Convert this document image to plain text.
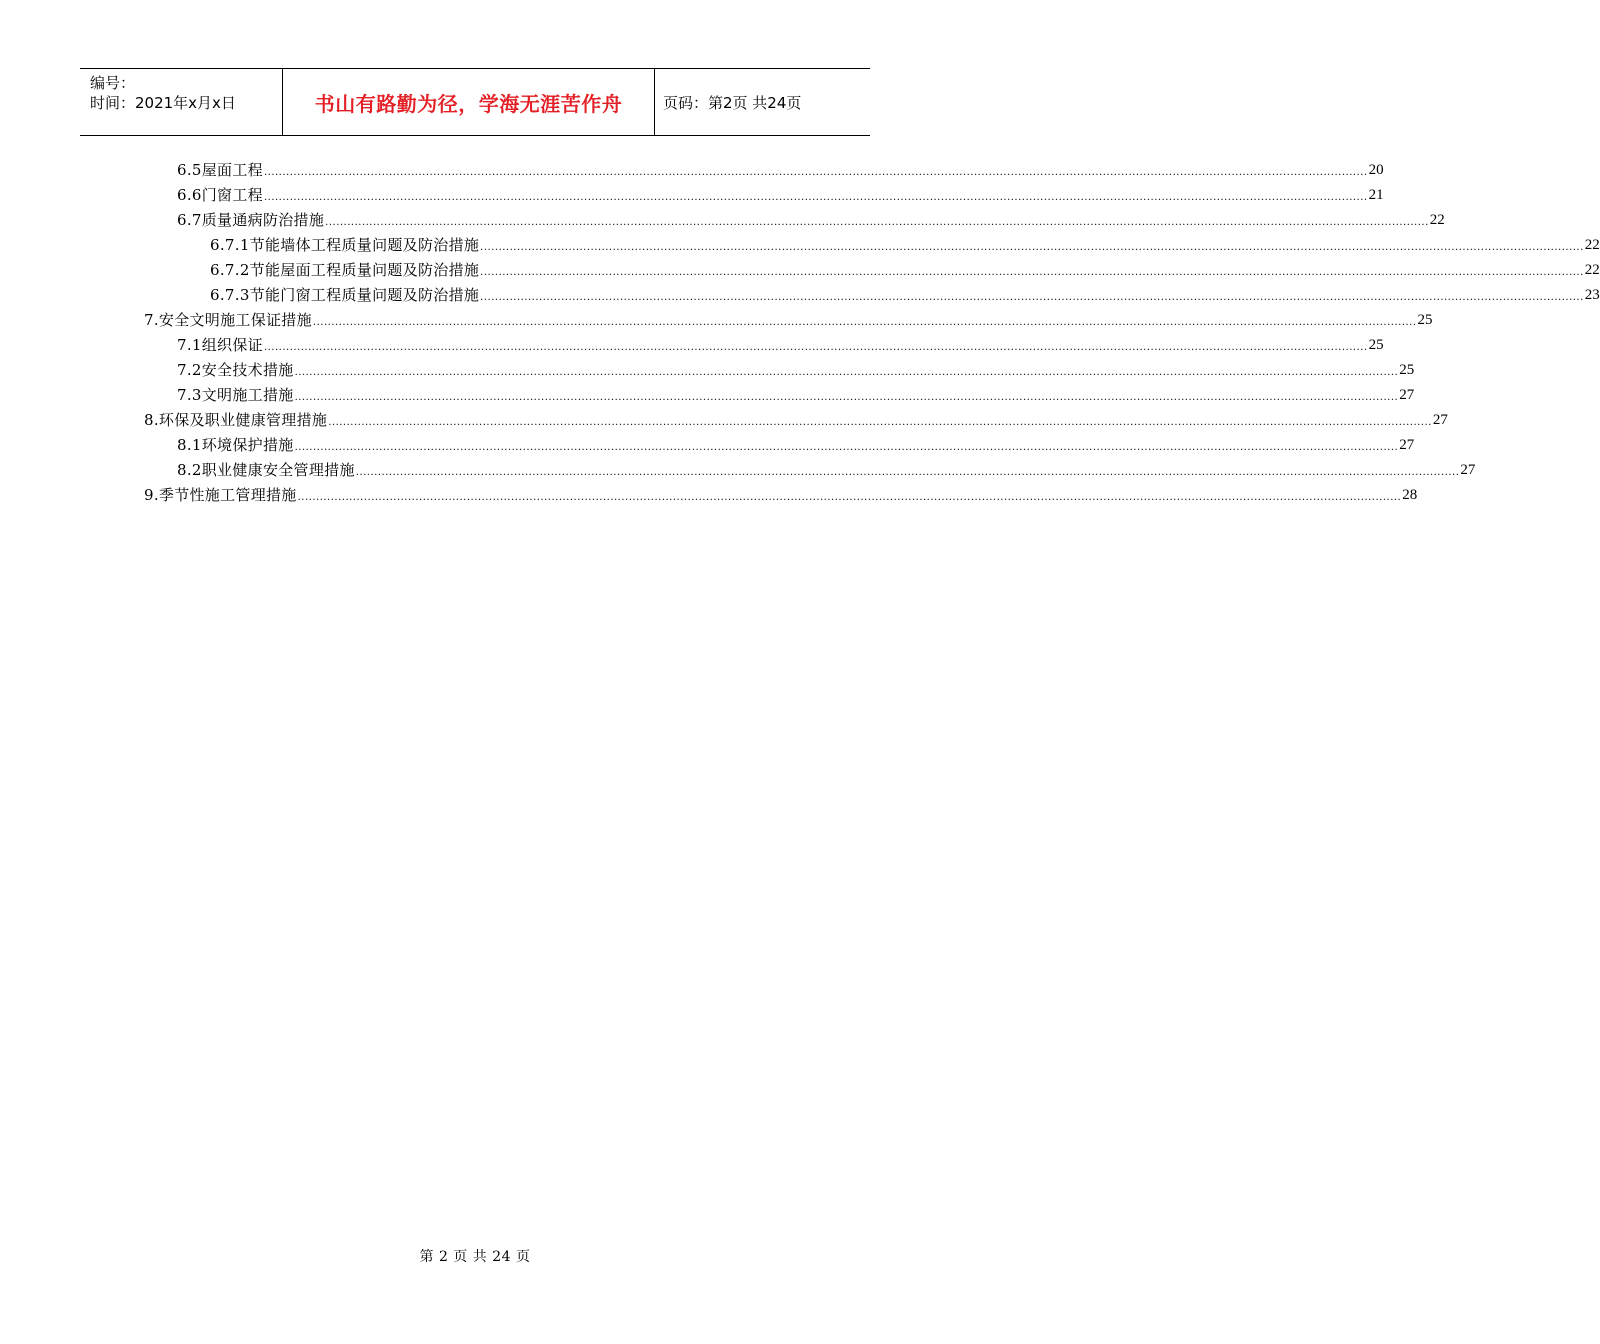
编号：
时间：2021年x月x日	书山有路勤为径，学海无涯苦作舟	页码：第2页 共24页
6.5屋面工程 ............................................................................................................................................................................................................................................................................................................ 20
6.6门窗工程 ............................................................................................................................................................................................................................................................................................................ 21
6.7质量通病防治措施 ............................................................................................................................................................................................................................................................................................................ 22
6.7.1节能墙体工程质量问题及防治措施 ............................................................................................................................................................................................................................................................................................................ 22
6.7.2节能屋面工程质量问题及防治措施 ............................................................................................................................................................................................................................................................................................................ 22
6.7.3节能门窗工程质量问题及防治措施 ............................................................................................................................................................................................................................................................................................................ 23
7.安全文明施工保证措施 ............................................................................................................................................................................................................................................................................................................ 25
7.1组织保证 ............................................................................................................................................................................................................................................................................................................ 25
7.2安全技术措施 ............................................................................................................................................................................................................................................................................................................ 25
7.3文明施工措施 ............................................................................................................................................................................................................................................................................................................ 27
8.环保及职业健康管理措施 ............................................................................................................................................................................................................................................................................................................ 27
8.1环境保护措施 ............................................................................................................................................................................................................................................................................................................ 27
8.2职业健康安全管理措施 ............................................................................................................................................................................................................................................................................................................ 27
9.季节性施工管理措施 ............................................................................................................................................................................................................................................................................................................ 28
第 2 页 共 24 页
